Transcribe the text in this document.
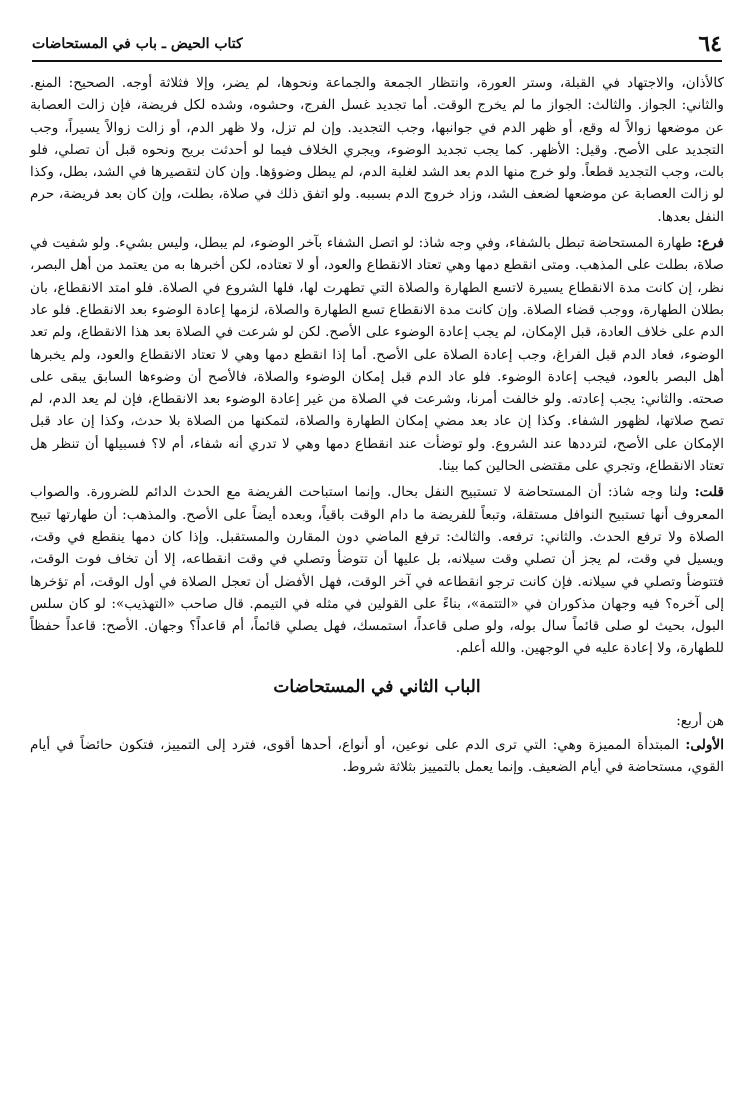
٦٤
كتاب الحيض ـ باب في المستحاضات

كالأذان، والاجتهاد في القبلة، وستر العورة، وانتظار الجمعة والجماعة ونحوها، لم يضر، وإلا فثلاثة أوجه. الصحيح: المنع. والثاني: الجواز. والثالث: الجواز ما لم يخرج الوقت. أما تجديد غسل الفرج، وحشوه، وشده لكل فريضة، فإن زالت العصابة عن موضعها زوالاً له وقع، أو ظهر الدم في جوانبها، وجب التجديد. وإن لم تزل، ولا ظهر الدم، أو زالت زوالاً يسيراً، وجب التجديد على الأصح. وقيل: الأظهر. كما يجب تجديد الوضوء، ويجري الخلاف فيما لو أحدثت بريح ونحوه قبل أن تصلي، فلو بالت، وجب التجديد قطعاً. ولو خرج منها الدم بعد الشد لغلبة الدم، لم يبطل وضوؤها. وإن كان لتقصيرها في الشد، بطل، وكذا لو زالت العصابة عن موضعها لضعف الشد، وزاد خروج الدم بسببه. ولو اتفق ذلك في صلاة، بطلت، وإن كان بعد فريضة، حرم النفل بعدها.

فرع: طهارة المستحاضة تبطل بالشفاء، وفي وجه شاذ: لو اتصل الشفاء بآخر الوضوء، لم يبطل، وليس بشيء. ولو شفيت في صلاة، بطلت على المذهب. ومتى انقطع دمها وهي تعتاد الانقطاع والعود، أو لا تعتاده، لكن أخبرها به من يعتمد من أهل البصر، نظر، إن كانت مدة الانقطاع يسيرة لاتسع الطهارة والصلاة التي تطهرت لها، فلها الشروع في الصلاة. فلو امتد الانقطاع، بان بطلان الطهارة، ووجب قضاء الصلاة. وإن كانت مدة الانقطاع تسع الطهارة والصلاة، لزمها إعادة الوضوء بعد الانقطاع. فلو عاد الدم على خلاف العادة، قبل الإمكان، لم يجب إعادة الوضوء على الأصح. لكن لو شرعت في الصلاة بعد هذا الانقطاع، ولم تعد الوضوء، فعاد الدم قبل الفراغ، وجب إعادة الصلاة على الأصح. أما إذا انقطع دمها وهي لا تعتاد الانقطاع والعود، ولم يخبرها أهل البصر بالعود، فيجب إعادة الوضوء. فلو عاد الدم قبل إمكان الوضوء والصلاة، فالأصح أن وضوءها السابق يبقى على صحته. والثاني: يجب إعادته. ولو خالفت أمرنا، وشرعت في الصلاة من غير إعادة الوضوء بعد الانقطاع، فإن لم يعد الدم، لم تصح صلاتها، لظهور الشفاء. وكذا إن عاد بعد مضي إمكان الطهارة والصلاة، لتمكنها من الصلاة بلا حدث، وكذا إن عاد قبل الإمكان على الأصح، لترددها عند الشروع. ولو توضأت عند انقطاع دمها وهي لا تدري أنه شفاء، أم لا؟ فسبيلها أن تنظر هل تعتاد الانقطاع، وتجري على مقتضى الحالين كما بينا.

قلت: ولنا وجه شاذ: أن المستحاضة لا تستبيح النفل بحال. وإنما استباحت الفريضة مع الحدث الدائم للضرورة. والصواب المعروف أنها تستبيح النوافل مستقلة، وتبعاً للفريضة ما دام الوقت باقياً، وبعده أيضاً على الأصح. والمذهب: أن طهارتها تبيح الصلاة ولا ترفع الحدث. والثاني: ترفعه. والثالث: ترفع الماضي دون المقارن والمستقبل. وإذا كان دمها ينقطع في وقت، ويسيل في وقت، لم يجز أن تصلي وقت سيلانه، بل عليها أن تتوضأ وتصلي في وقت انقطاعه، إلا أن تخاف فوت الوقت، فتتوضأ وتصلي في سيلانه. فإن كانت ترجو انقطاعه في آخر الوقت، فهل الأفضل أن تعجل الصلاة في أول الوقت، أم تؤخرها إلى آخره؟ فيه وجهان مذكوران في «التتمة»، بناءً على القولين في مثله في التيمم. قال صاحب «التهذيب»: لو كان سلس البول، بحيث لو صلى قائماً سال بوله، ولو صلى قاعداً، استمسك، فهل يصلي قائماً، أم قاعداً؟ وجهان. الأصح: قاعداً حفظاً للطهارة، ولا إعادة عليه في الوجهين. والله أعلم.

الباب الثاني في المستحاضات

هن أربع:

الأولى: المبتدأة المميزة وهي: التي ترى الدم على نوعين، أو أنواع، أحدها أقوى، فترد إلى التمييز، فتكون حائضاً في أيام القوي، مستحاضة في أيام الضعيف. وإنما يعمل بالتمييز بثلاثة شروط.
